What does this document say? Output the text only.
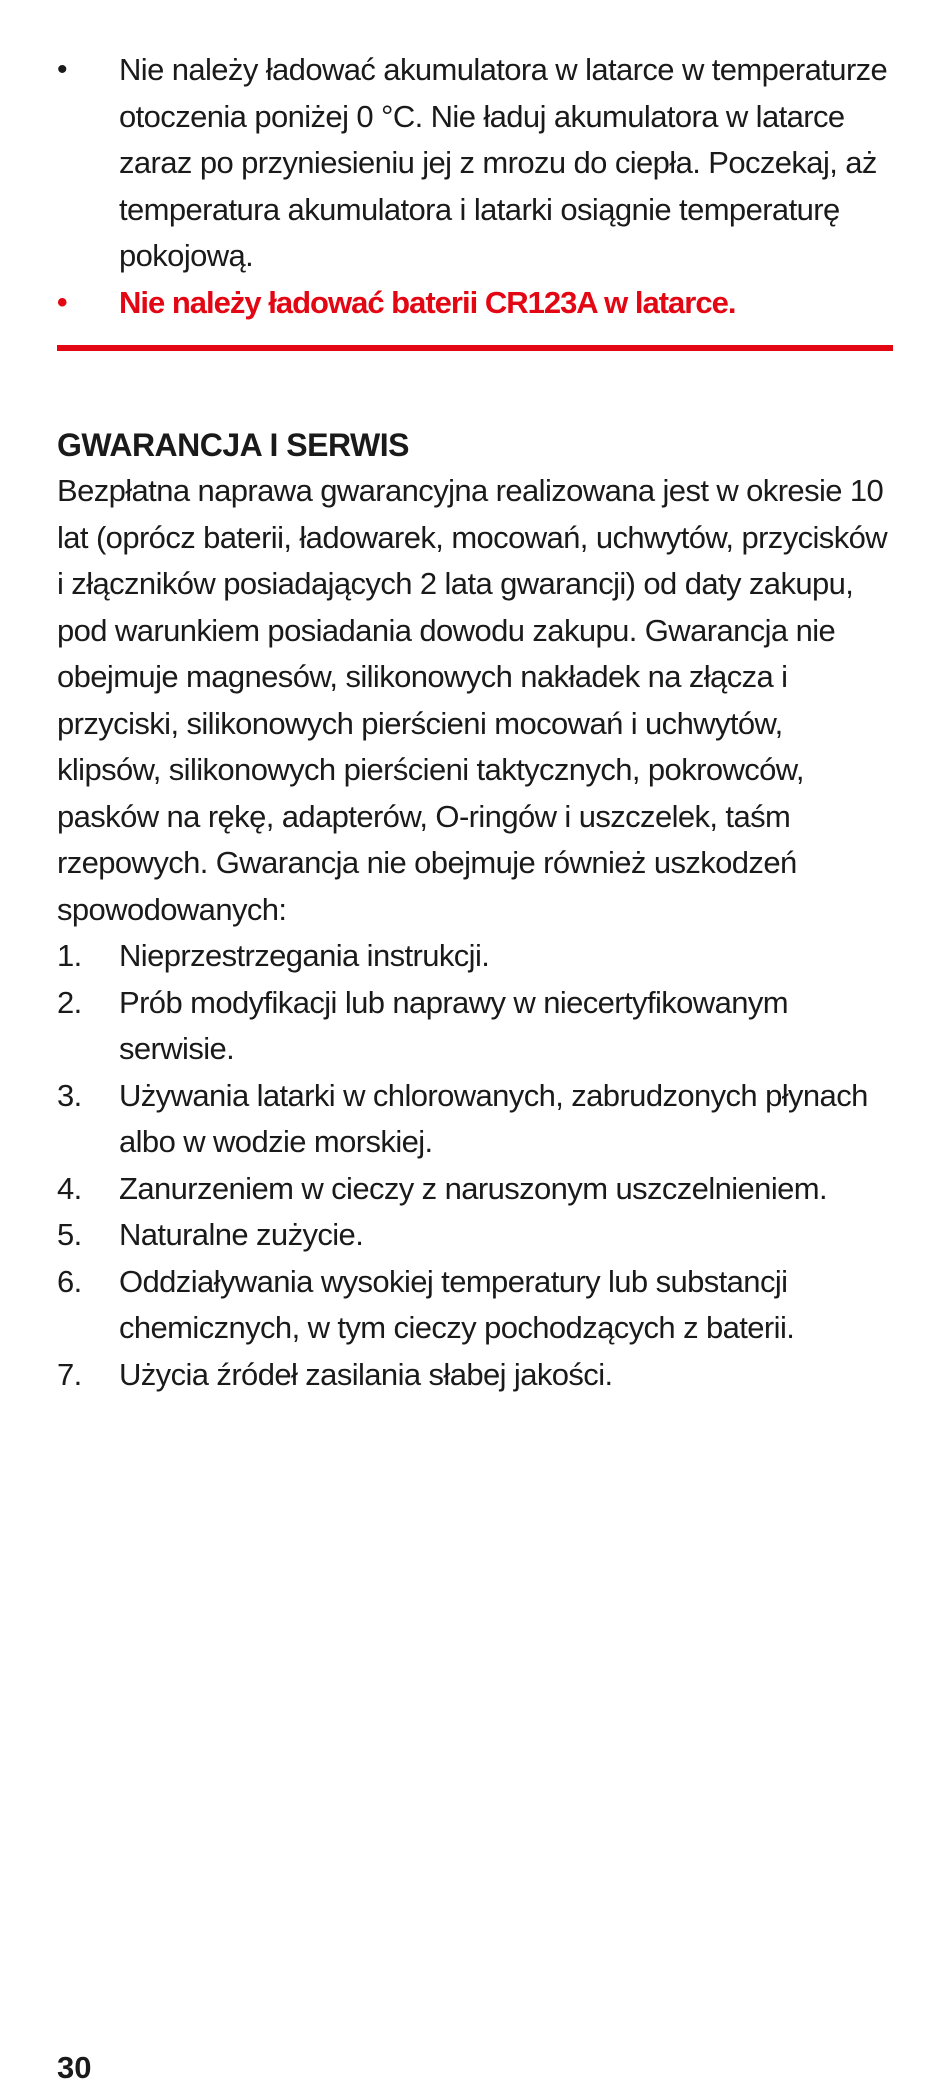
•	Nie należy ładować akumulatora w latarce w temperaturze otoczenia poniżej 0 °C. Nie ładuj akumulatora w latarce zaraz po przyniesieniu jej z mrozu do ciepła. Poczekaj, aż temperatura akumulatora i latarki osiągnie temperaturę pokojową.
•	Nie należy ładować baterii CR123A w latarce.
GWARANCJA I SERWIS

Bezpłatna naprawa gwarancyjna realizowana jest w okresie 10 lat (oprócz baterii, ładowarek, mocowań, uchwytów, przycisków i złączników posiadających 2 lata gwarancji) od daty zakupu, pod warunkiem posiadania dowodu zakupu. Gwarancja nie obejmuje magnesów, silikonowych nakładek na złącza i przyciski, silikonowych pierścieni mocowań i uchwytów, klipsów, silikonowych pierścieni taktycznych, pokrowców, pasków na rękę, adapterów, O-ringów i uszczelek, taśm rzepowych. Gwarancja nie obejmuje również uszkodzeń spowodowanych:

1.	Nieprzestrzegania instrukcji.
2.	Prób modyfikacji lub naprawy w niecertyfikowanym serwisie.
3.	Używania latarki w chlorowanych, zabrudzonych płynach albo w wodzie morskiej.
4.	Zanurzeniem w cieczy z naruszonym uszczelnieniem.
5.	Naturalne zużycie.
6.	Oddziaływania wysokiej temperatury lub substancji chemicznych, w tym cieczy pochodzących z baterii.
7.	Użycia źródeł zasilania słabej jakości.
30
